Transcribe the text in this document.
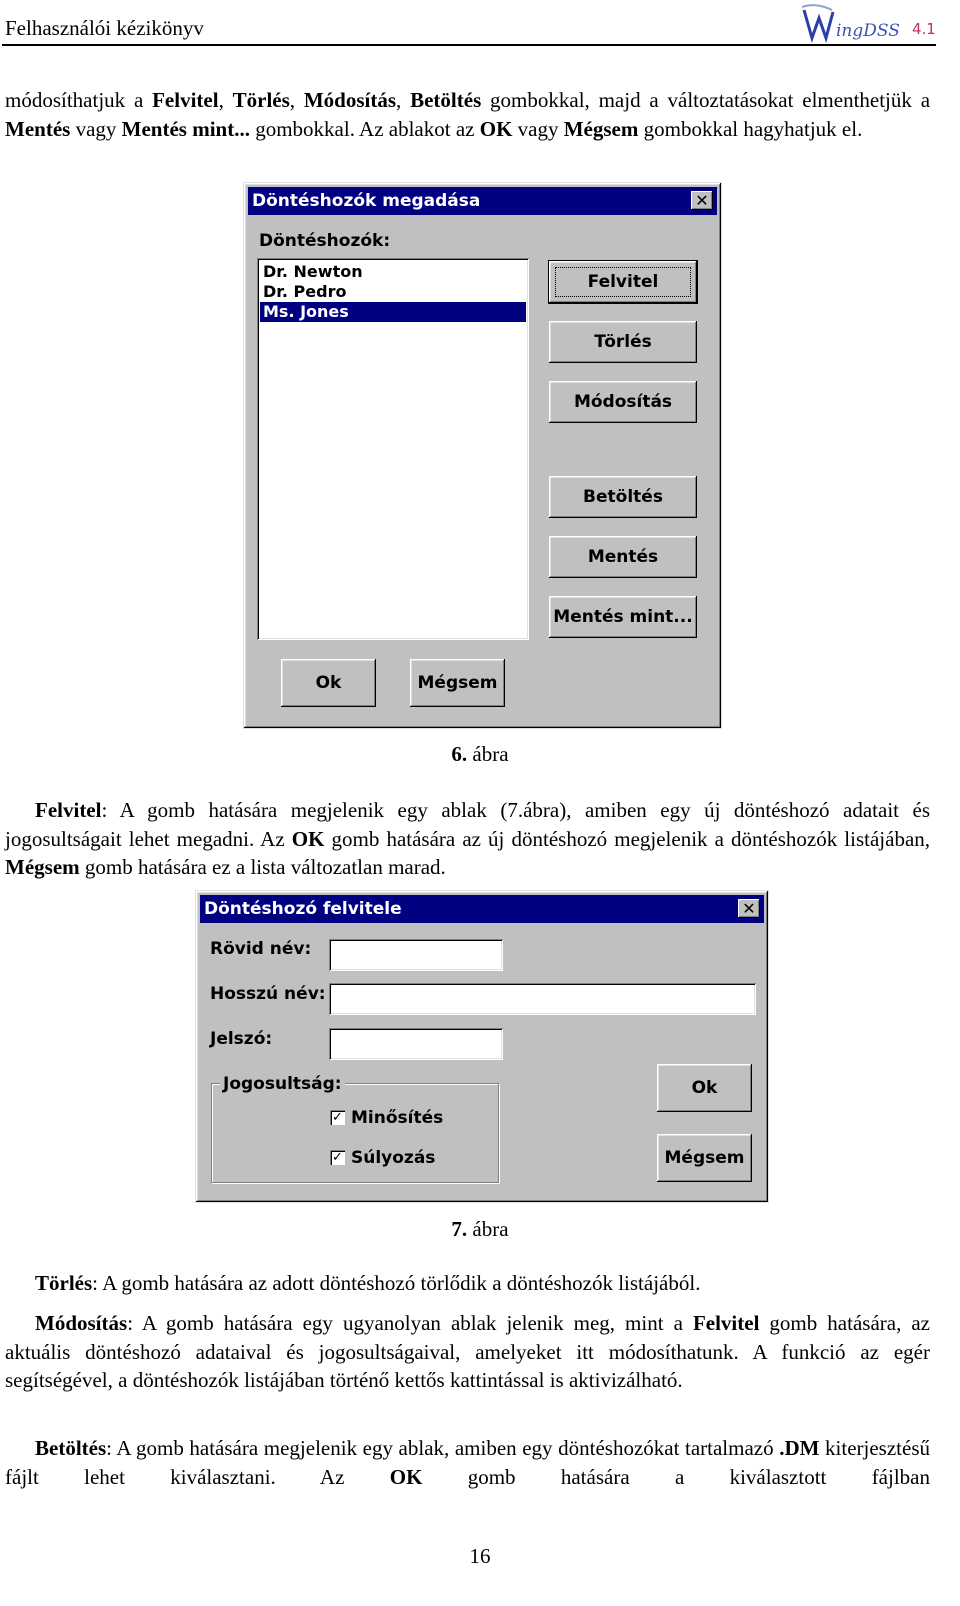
Felhasználói kézikönyv	ingDSS 4.1
módosíthatjuk a Felvitel, Törlés, Módosítás, Betöltés gombokkal, majd a változtatásokat elmenthetjük a Mentés vagy Mentés mint... gombokkal. Az ablakot az OK vagy Mégsem gombokkal hagyhatjuk el.
Döntéshozók megadása	✕
Döntéshozók:
Dr. Newton
Dr. Pedro
Ms. Jones
Felvitel
Törlés
Módosítás
Betöltés
Mentés
Mentés mint...
Ok	Mégsem
6. ábra
Felvitel: A gomb hatására megjelenik egy ablak (7.ábra), amiben egy új döntéshozó adatait és jogosultságait lehet megadni. Az OK gomb hatására az új döntéshozó megjelenik a döntéshozók listájában, Mégsem gomb hatására ez a lista változatlan marad.
Döntéshozó felvitele	✕
Rövid név:
Hosszú név:
Jelszó:
Jogosultság:
✓ Minősítés
✓ Súlyozás
Ok
Mégsem
7. ábra
Törlés: A gomb hatására az adott döntéshozó törlődik a döntéshozók listájából.
Módosítás: A gomb hatására egy ugyanolyan ablak jelenik meg, mint a Felvitel gomb hatására, az aktuális döntéshozó adataival és jogosultságaival, amelyeket itt módosíthatunk. A funkció az egér segítségével, a döntéshozók listájában történő kettős kattintással is aktivizálható.
Betöltés: A gomb hatására megjelenik egy ablak, amiben egy döntéshozókat tartalmazó .DM kiterjesztésű fájlt lehet kiválasztani. Az OK gomb hatására a kiválasztott fájlban
16
